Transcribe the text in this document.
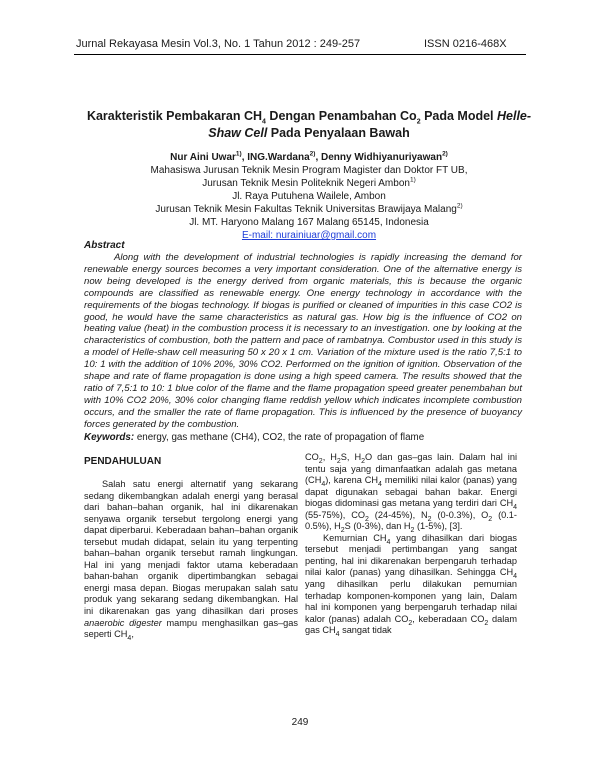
Jurnal Rekayasa Mesin Vol.3, No. 1 Tahun 2012 : 249-257	ISSN 0216-468X
Karakteristik Pembakaran $CH_4$ Dengan Penambahan $Co_2$ Pada Model Helle-Shaw Cell Pada Penyalaan Bawah
Nur Aini Uwar$^{1)}$, ING.Wardana$^{2)}$, Denny Widhiyanuriyawan$^{2)}$
Mahasiswa Jurusan Teknik Mesin Program Magister dan Doktor FT UB,
Jurusan Teknik Mesin Politeknik Negeri Ambon$^{1)}$
Jl. Raya Putuhena Wailele, Ambon
Jurusan Teknik Mesin Fakultas Teknik Universitas Brawijaya Malang$^{2)}$
Jl. MT. Haryono Malang 167 Malang 65145, Indonesia
E-mail: nurainiuar@gmail.com
Abstract

Along with the development of industrial technologies is rapidly increasing the demand for renewable energy sources becomes a very important consideration. One of the alternative energy is now being developed is the energy derived from organic materials, this is because the organic compounds are classified as renewable energy. One energy technology in accordance with the requirements of the biogas technology. If biogas is purified or cleaned of impurities in this case CO2 is good, he would have the same characteristics as natural gas. How big is the influence of CO2 on heating value (heat) in the combustion process it is necessary to an investigation. one by looking at the characteristics of combustion, both the pattern and pace of rambatnya. Combustor used in this study is a model of Helle-shaw cell measuring 50 x 20 x 1 cm. Variation of the mixture used is the ratio 7,5:1 to 10: 1 with the addition of 10% 20%, 30% CO2. Performed on the ignition of ignition. Observation of the shape and rate of flame propagation is done using a high speed camera. The results showed that the ratio of 7,5:1 to 10: 1 blue color of the flame and the flame propagation speed greater penembahan but with 10% CO2 20%, 30% color changing flame reddish yellow which indicates incomplete combustion occurs, and the smaller the rate of flame propagation. This is influenced by the presence of buoyancy forces generated by the combustion.

Keywords: energy, gas methane (CH4), CO2, the rate of propagation of flame
PENDAHULUAN

Salah satu energi alternatif yang sekarang sedang dikembangkan adalah energi yang berasal dari bahan–bahan organik, hal ini dikarenakan senyawa organik tersebut tergolong energi yang dapat diperbarui. Keberadaan bahan–bahan organik tersebut mudah didapat, selain itu yang terpenting bahan–bahan organik tersebut ramah lingkungan. Hal ini yang menjadi faktor utama keberadaan bahan-bahan organik dipertimbangkan sebagai energi masa depan. Biogas merupakan salah satu produk yang sekarang sedang dikembangkan. Hal ini dikarenakan gas yang dihasilkan dari proses anaerobic digester mampu menghasilkan gas–gas seperti $CH_4$,

$CO_2$, $H_2S$, $H_2O$ dan gas–gas lain. Dalam hal ini tentu saja yang dimanfaatkan adalah gas metana $(CH_4)$, karena $CH_4$ memiliki nilai kalor (panas) yang dapat digunakan sebagai bahan bakar. Energi biogas didominasi gas metana yang terdiri dari $CH_4$ (55-75%), $CO_2$ (24-45%), $N_2$ (0-0.3%), $O_2$ (0.1-0.5%), $H_2S$ (0-3%), dan $H_2$ (1-5%), [3].

Kemurnian $CH_4$ yang dihasilkan dari biogas tersebut menjadi pertimbangan yang sangat penting, hal ini dikarenakan berpengaruh terhadap nilai kalor (panas) yang dihasilkan. Sehingga $CH_4$ yang dihasilkan perlu dilakukan pemurnian terhadap komponen-komponen yang lain, Dalam hal ini komponen yang berpengaruh terhadap nilai kalor (panas) adalah $CO_2$, keberadaan $CO_2$ dalam gas $CH_4$ sangat tidak

249
